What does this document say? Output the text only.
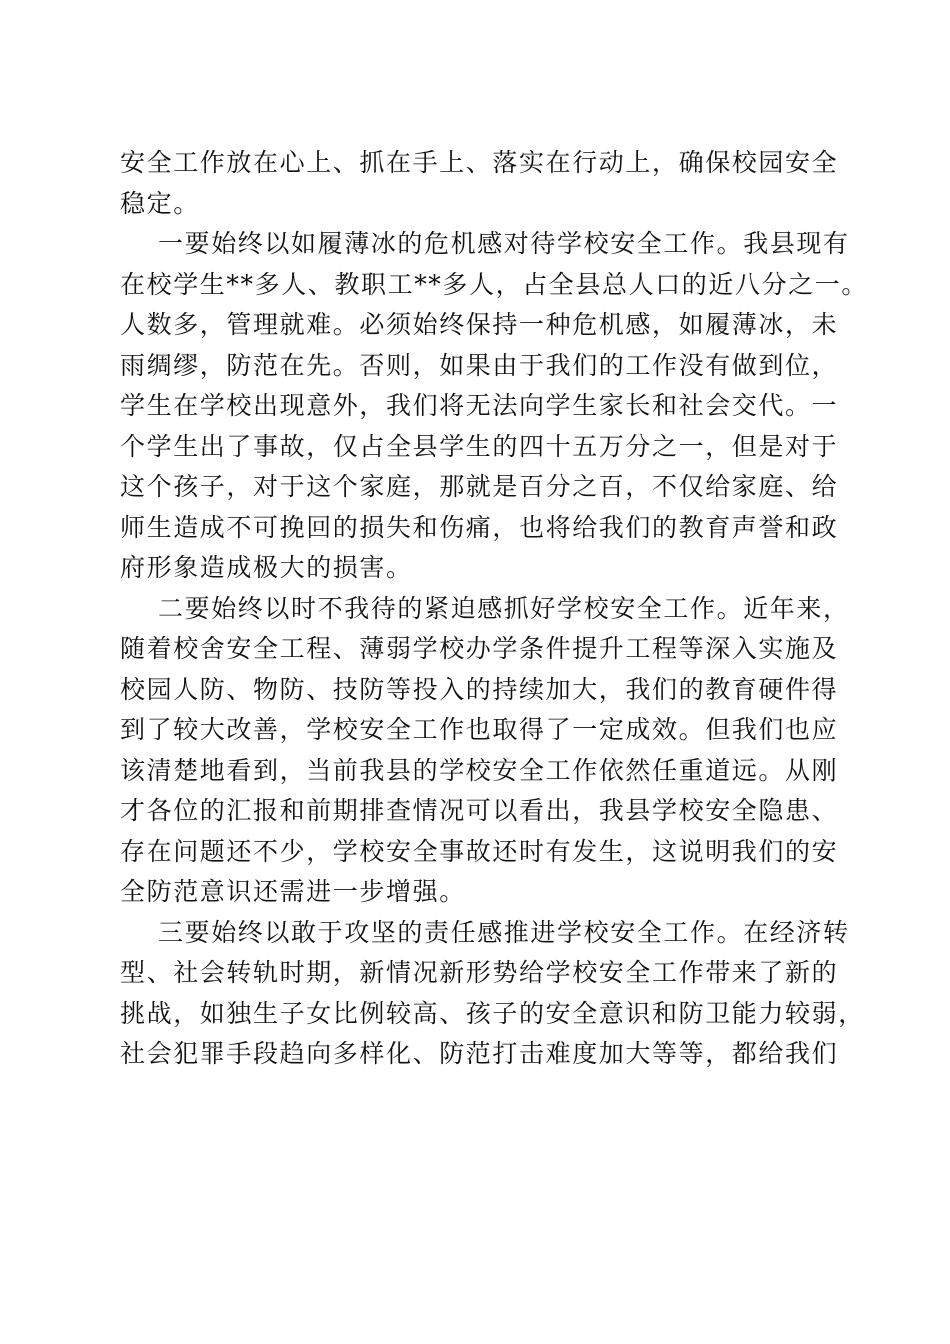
安全工作放在心上、抓在手上、落实在行动上，确保校园安全
稳定。
一要始终以如履薄冰的危机感对待学校安全工作。我县现有
在校学生**多人、教职工**多人，占全县总人口的近八分之一。
人数多，管理就难。必须始终保持一种危机感，如履薄冰，未
雨绸缪，防范在先。否则，如果由于我们的工作没有做到位，
学生在学校出现意外，我们将无法向学生家长和社会交代。一
个学生出了事故，仅占全县学生的四十五万分之一，但是对于
这个孩子，对于这个家庭，那就是百分之百，不仅给家庭、给
师生造成不可挽回的损失和伤痛，也将给我们的教育声誉和政
府形象造成极大的损害。
二要始终以时不我待的紧迫感抓好学校安全工作。近年来，
随着校舍安全工程、薄弱学校办学条件提升工程等深入实施及
校园人防、物防、技防等投入的持续加大，我们的教育硬件得
到了较大改善，学校安全工作也取得了一定成效。但我们也应
该清楚地看到，当前我县的学校安全工作依然任重道远。从刚
才各位的汇报和前期排查情况可以看出，我县学校安全隐患、
存在问题还不少，学校安全事故还时有发生，这说明我们的安
全防范意识还需进一步增强。
三要始终以敢于攻坚的责任感推进学校安全工作。在经济转
型、社会转轨时期，新情况新形势给学校安全工作带来了新的
挑战，如独生子女比例较高、孩子的安全意识和防卫能力较弱，
社会犯罪手段趋向多样化、防范打击难度加大等等，都给我们
